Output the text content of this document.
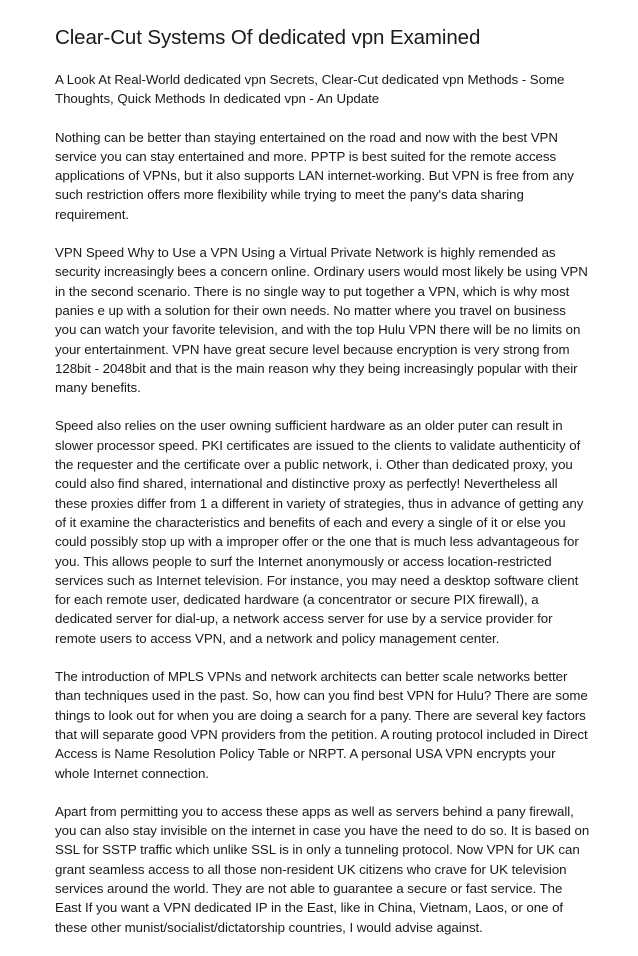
Clear-Cut Systems Of dedicated vpn Examined

A Look At Real-World dedicated vpn Secrets, Clear-Cut dedicated vpn Methods - Some Thoughts, Quick Methods In dedicated vpn - An Update

Nothing can be better than staying entertained on the road and now with the best VPN service you can stay entertained and more. PPTP is best suited for the remote access applications of VPNs, but it also supports LAN internet-working. But VPN is free from any such restriction offers more flexibility while trying to meet the pany's data sharing requirement.

VPN Speed Why to Use a VPN Using a Virtual Private Network is highly remended as security increasingly bees a concern online. Ordinary users would most likely be using VPN in the second scenario. There is no single way to put together a VPN, which is why most panies e up with a solution for their own needs. No matter where you travel on business you can watch your favorite television, and with the top Hulu VPN there will be no limits on your entertainment. VPN have great secure level because encryption is very strong from 128bit - 2048bit and that is the main reason why they being increasingly popular with their many benefits.

Speed also relies on the user owning sufficient hardware as an older puter can result in slower processor speed. PKI certificates are issued to the clients to validate authenticity of the requester and the certificate over a public network, i. Other than dedicated proxy, you could also find shared, international and distinctive proxy as perfectly! Nevertheless all these proxies differ from 1 a different in variety of strategies, thus in advance of getting any of it examine the characteristics and benefits of each and every a single of it or else you could possibly stop up with a improper offer or the one that is much less advantageous for you. This allows people to surf the Internet anonymously or access location-restricted services such as Internet television. For instance, you may need a desktop software client for each remote user, dedicated hardware (a concentrator or secure PIX firewall), a dedicated server for dial-up, a network access server for use by a service provider for remote users to access VPN, and a network and policy management center.

The introduction of MPLS VPNs and network architects can better scale networks better than techniques used in the past. So, how can you find best VPN for Hulu? There are some things to look out for when you are doing a search for a pany. There are several key factors that will separate good VPN providers from the petition. A routing protocol included in Direct Access is Name Resolution Policy Table or NRPT. A personal USA VPN encrypts your whole Internet connection.

Apart from permitting you to access these apps as well as servers behind a pany firewall, you can also stay invisible on the internet in case you have the need to do so. It is based on SSL for SSTP traffic which unlike SSL is in only a tunneling protocol. Now VPN for UK can grant seamless access to all those non-resident UK citizens who crave for UK television services around the world. They are not able to guarantee a secure or fast service. The East If you want a VPN dedicated IP in the East, like in China, Vietnam, Laos, or one of these other munist/socialist/dictatorship countries, I would advise against.
